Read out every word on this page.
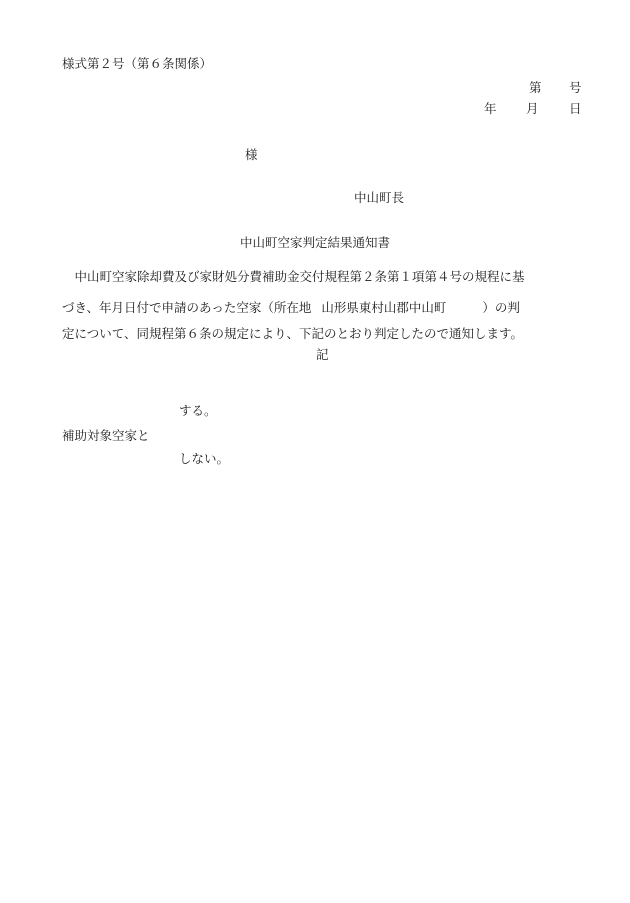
様式第２号（第６条関係）
第 号
年 月 日
様
中山町長
中山町空家判定結果通知書
　中山町空家除却費及び家財処分費補助金交付規程第２条第１項第４号の規程に基
づき、年月日付で申請のあった空家（所在地 山形県東村山郡中山町	）の判
定について、同規程第６条の規定により、下記のとおり判定したので通知します。
記
する。
補助対象空家と
しない。
